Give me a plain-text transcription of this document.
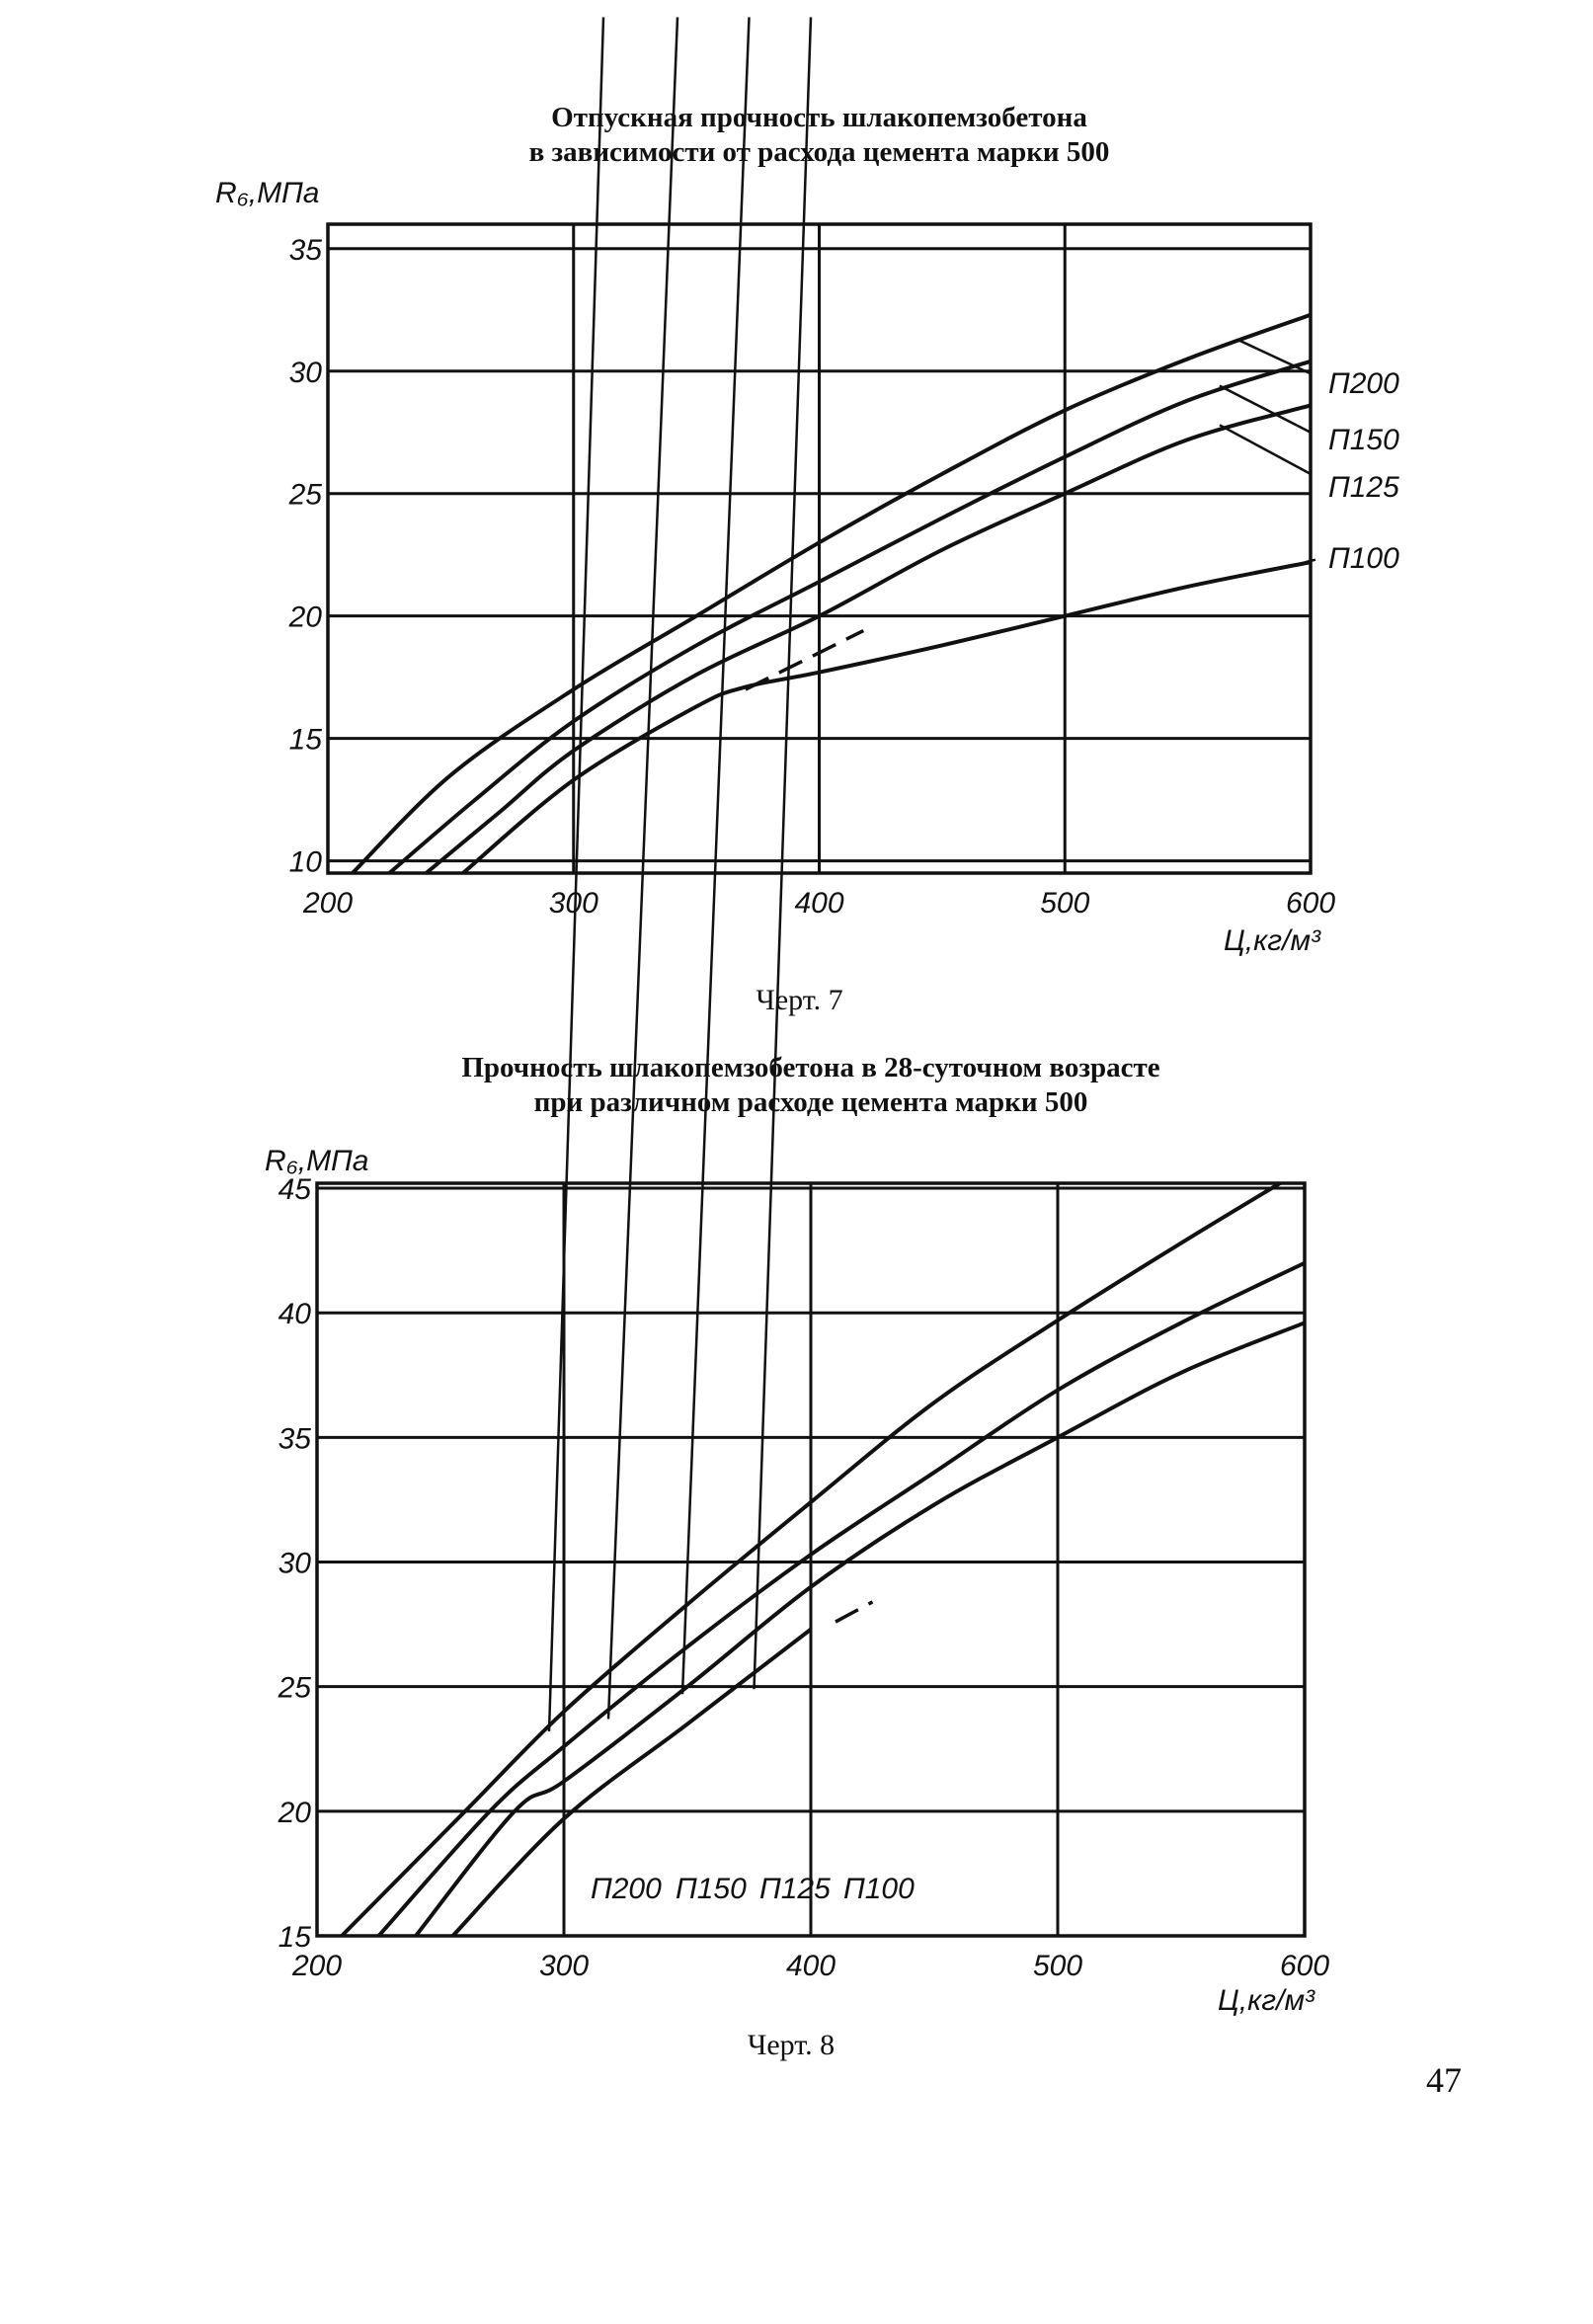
Отпускная прочность шлакопемзобетона
в зависимости от расхода цемента марки 500
R₆,МПа
Ц,кг/м³
200	300	400	500	600
10
15
20
25
30
35
П200
П150
П125
П100
Черт. 7
Прочность шлакопемзобетона в 28-суточном возрасте
при различном расходе цемента марки 500
R₆,МПа
Ц,кг/м³
200	300	400	500	600
15
20
25
30
35
40
45
П200 П150 П125 П100
Черт. 8
47
